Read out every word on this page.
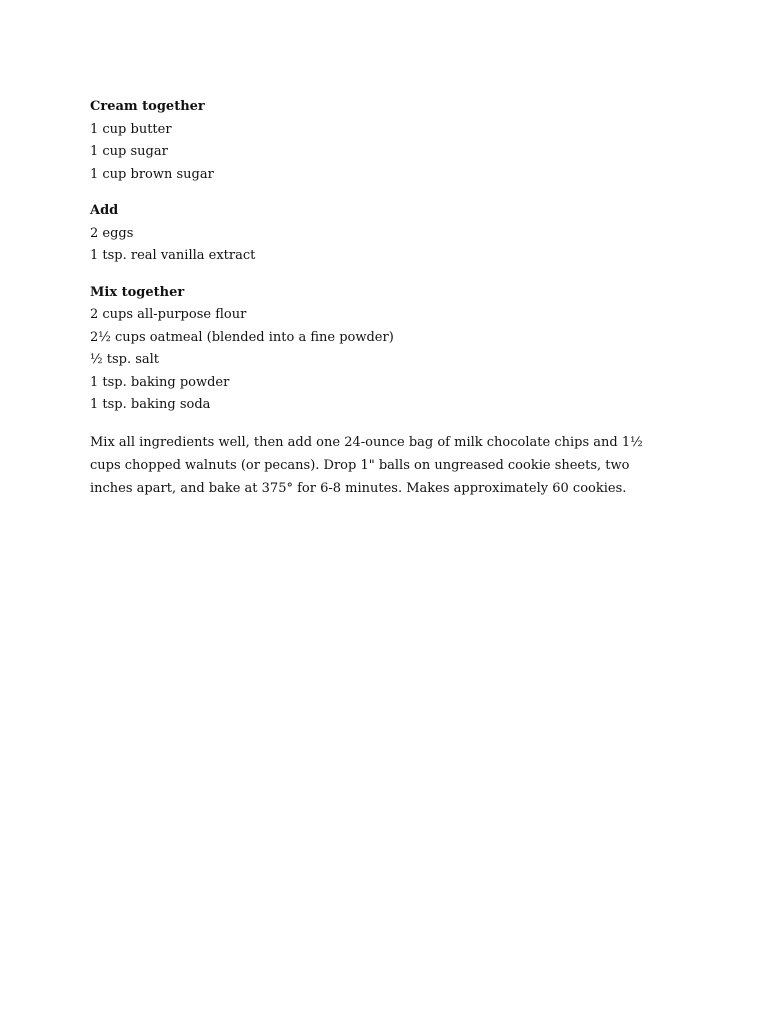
Cream together

1 cup butter

1 cup sugar

1 cup brown sugar

Add

2 eggs

1 tsp. real vanilla extract

Mix together

2 cups all-purpose flour

2½ cups oatmeal (blended into a fine powder)

½ tsp. salt

1 tsp. baking powder

1 tsp. baking soda

Mix all ingredients well, then add one 24-ounce bag of milk chocolate chips and 1½
cups chopped walnuts (or pecans). Drop 1" balls on ungreased cookie sheets, two
inches apart, and bake at 375° for 6-8 minutes. Makes approximately 60 cookies.
